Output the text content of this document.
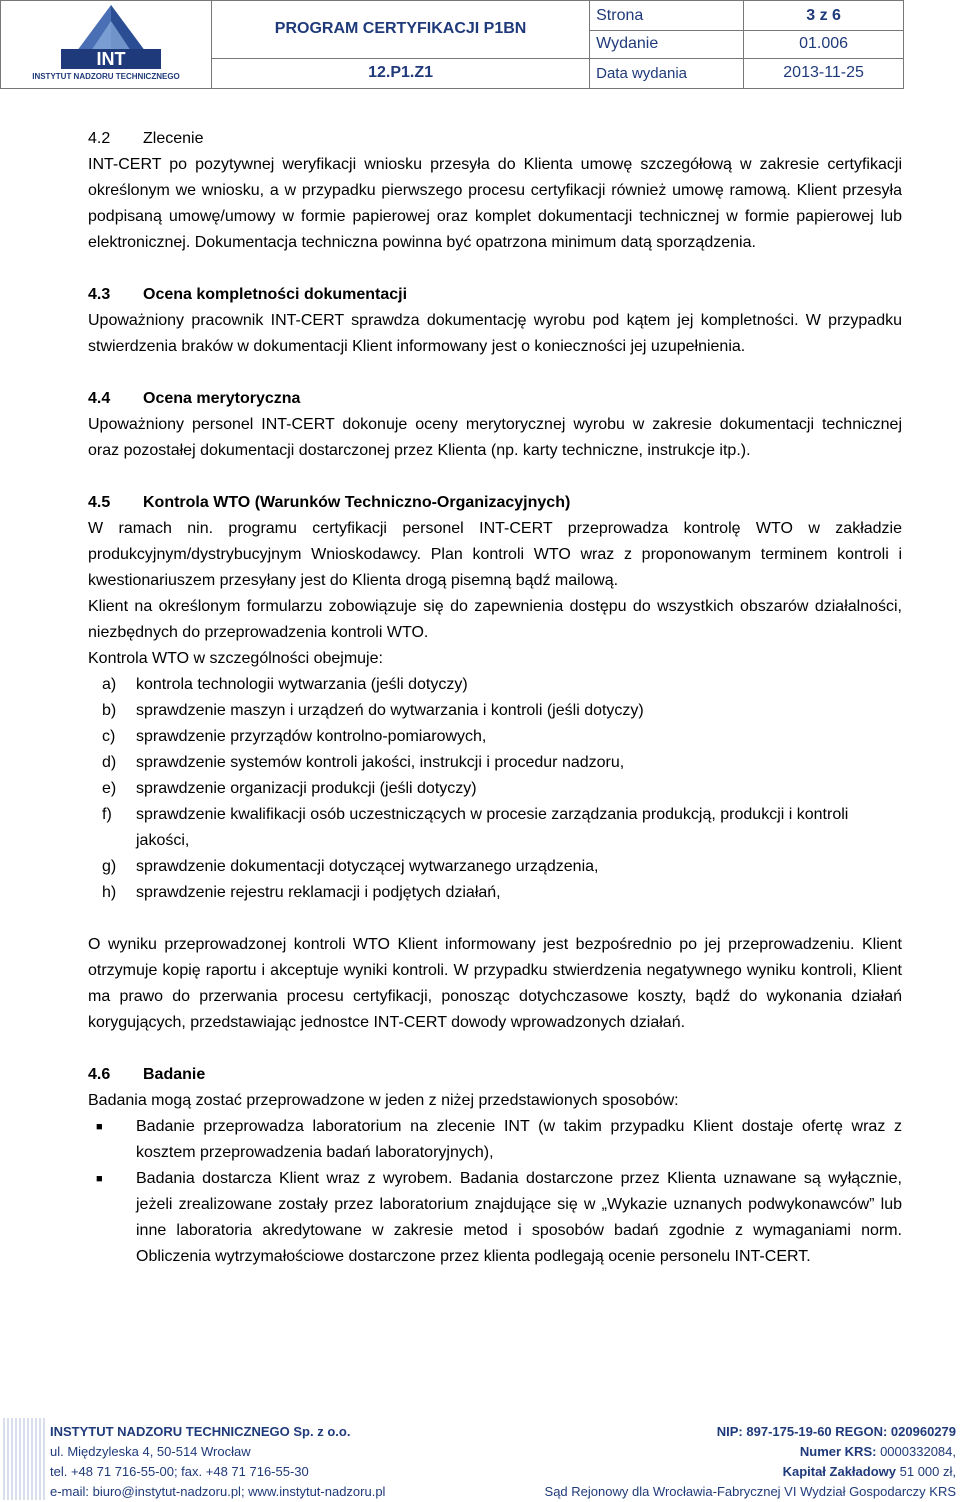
INT
INSTYTUT NADZORU TECHNICZNEGO	PROGRAM CERTYFIKACJI P1BN	Strona	3 z 6
		Wydanie	01.006
	12.P1.Z1	Data wydania	2013-11-25
4.2 Zlecenie

INT-CERT po pozytywnej weryfikacji wniosku przesyła do Klienta umowę szczegółową w zakresie certyfikacji określonym we wniosku, a w przypadku pierwszego procesu certyfikacji również umowę ramową. Klient przesyła podpisaną umowę/umowy w formie papierowej oraz komplet dokumentacji technicznej w formie papierowej lub elektronicznej. Dokumentacja techniczna powinna być opatrzona minimum datą sporządzenia.

4.3 Ocena kompletności dokumentacji

Upoważniony pracownik INT-CERT sprawdza dokumentację wyrobu pod kątem jej kompletności. W przypadku stwierdzenia braków w dokumentacji Klient informowany jest o konieczności jej uzupełnienia.

4.4 Ocena merytoryczna

Upoważniony personel INT-CERT dokonuje oceny merytorycznej wyrobu w zakresie dokumentacji technicznej oraz pozostałej dokumentacji dostarczonej przez Klienta (np. karty techniczne, instrukcje itp.).

4.5 Kontrola WTO (Warunków Techniczno-Organizacyjnych)

W ramach nin. programu certyfikacji personel INT-CERT przeprowadza kontrolę WTO w zakładzie produkcyjnym/dystrybucyjnym Wnioskodawcy. Plan kontroli WTO wraz z proponowanym terminem kontroli i kwestionariuszem przesyłany jest do Klienta drogą pisemną bądź mailową.

Klient na określonym formularzu zobowiązuje się do zapewnienia dostępu do wszystkich obszarów działalności, niezbędnych do przeprowadzenia kontroli WTO.

Kontrola WTO w szczególności obejmuje:

a) kontrola technologii wytwarzania (jeśli dotyczy)
b) sprawdzenie maszyn i urządzeń do wytwarzania i kontroli (jeśli dotyczy)
c) sprawdzenie przyrządów kontrolno-pomiarowych,
d) sprawdzenie systemów kontroli jakości, instrukcji i procedur nadzoru,
e) sprawdzenie organizacji produkcji (jeśli dotyczy)
f) sprawdzenie kwalifikacji osób uczestniczących w procesie zarządzania produkcją, produkcji i kontroli jakości,
g) sprawdzenie dokumentacji dotyczącej wytwarzanego urządzenia,
h) sprawdzenie rejestru reklamacji i podjętych działań,

O wyniku przeprowadzonej kontroli WTO Klient informowany jest bezpośrednio po jej przeprowadzeniu. Klient otrzymuje kopię raportu i akceptuje wyniki kontroli. W przypadku stwierdzenia negatywnego wyniku kontroli, Klient ma prawo do przerwania procesu certyfikacji, ponosząc dotychczasowe koszty, bądź do wykonania działań korygujących, przedstawiając jednostce INT-CERT dowody wprowadzonych działań.

4.6 Badanie

Badania mogą zostać przeprowadzone w jeden z niżej przedstawionych sposobów:

■ Badanie przeprowadza laboratorium na zlecenie INT (w takim przypadku Klient dostaje ofertę wraz z kosztem przeprowadzenia badań laboratoryjnych),
■ Badania dostarcza Klient wraz z wyrobem. Badania dostarczone przez Klienta uznawane są wyłącznie, jeżeli zrealizowane zostały przez laboratorium znajdujące się w „Wykazie uznanych podwykonawców” lub inne laboratoria akredytowane w zakresie metod i sposobów badań zgodnie z wymaganiami norm. Obliczenia wytrzymałościowe dostarczone przez klienta podlegają ocenie personelu INT-CERT.
INSTYTUT NADZORU TECHNICZNEGO Sp. z o.o.
ul. Międzyleska 4, 50-514 Wrocław
tel. +48 71 716-55-00; fax. +48 71 716-55-30
e-mail: biuro@instytut-nadzoru.pl; www.instytut-nadzoru.pl
NIP: 897-175-19-60 REGON: 020960279
Numer KRS: 0000332084,
Kapitał Zakładowy 51 000 zł,
Sąd Rejonowy dla Wrocławia-Fabrycznej VI Wydział Gospodarczy KRS
